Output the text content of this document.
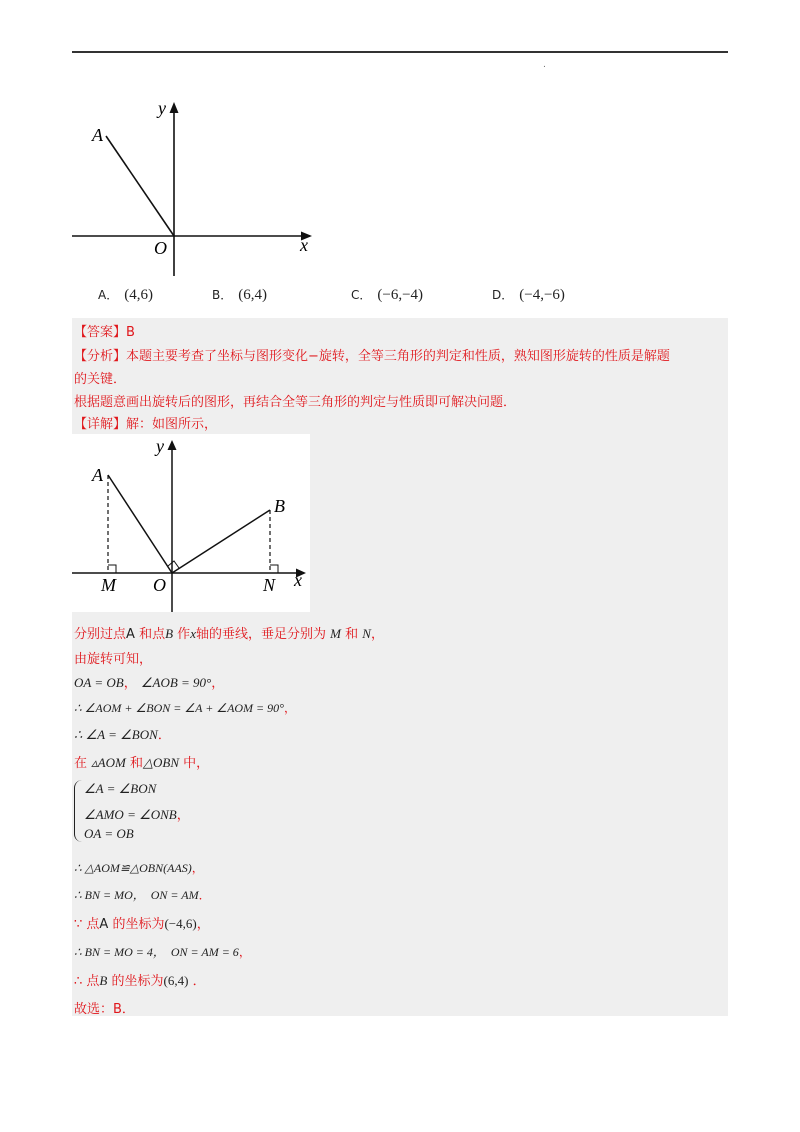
.
A
O	x
y
A． (4,6)	B． (6,4)	C． (−6,−4)	D． (−4,−6)
【答案】B
【分析】本题主要考查了坐标与图形变化−旋转，全等三角形的判定和性质，熟知图形旋转的性质是解题
的关键．
根据题意画出旋转后的图形，再结合全等三角形的判定与性质即可解决问题．
【详解】解：如图所示，
A
B
M O	N x
y
分别过点A 和点B 作x轴的垂线，垂足分别为 M 和 N，
由旋转可知，
OA = OB， ∠AOB = 90°，
∴ ∠AOM + ∠BON = ∠A + ∠AOM = 90°，
∴ ∠A = ∠BON．
在 ▵AOM 和△OBN 中，
∠A = ∠BON
∠AMO = ∠ONB，
OA = OB
∴ △AOM≌△OBN(AAS)，
∴ BN = MO，　ON = AM．
∵ 点A 的坐标为(−4,6)，
∴ BN = MO = 4，　ON = AM = 6，
∴ 点B 的坐标为(6,4) ．
故选：B．
